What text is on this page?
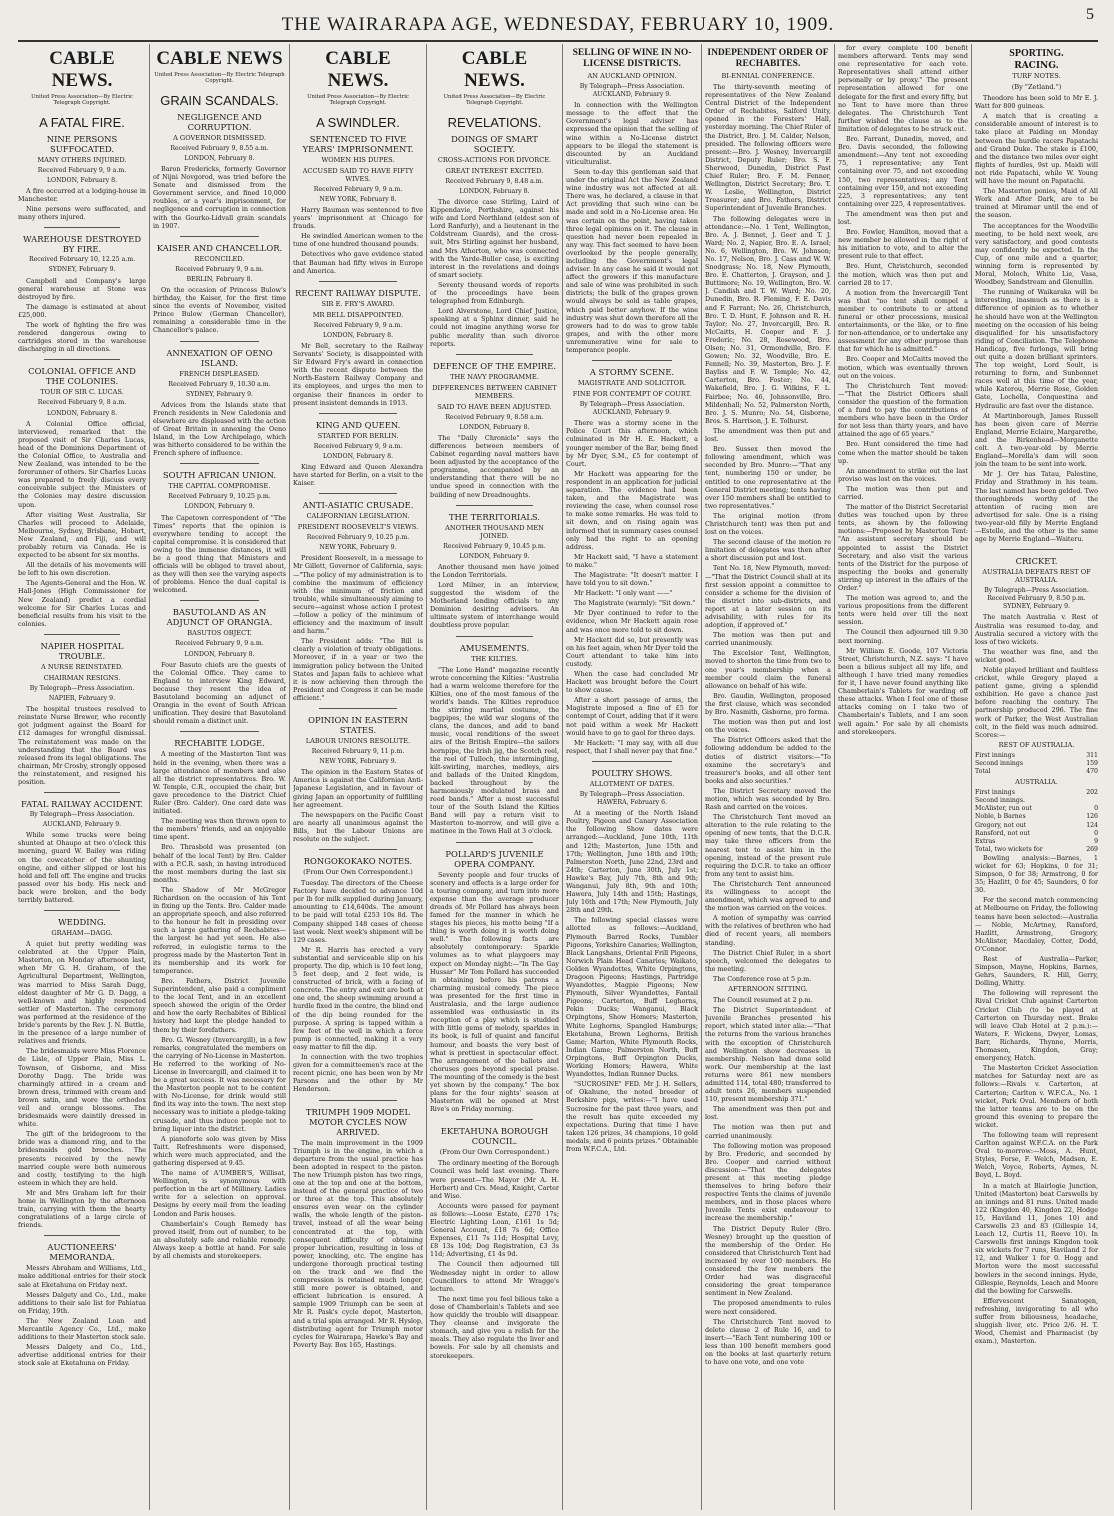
THE WAIRARAPA AGE, WEDNESDAY, FEBRUARY 10, 1909.	5
CABLE NEWS.
United Press Association—By Electric Telegraph Copyright.
A FATAL FIRE.
NINE PERSONS SUFFOCATED.
MANY OTHERS INJURED.
Received February 9, 9 a.m.
LONDON, February 8.

A fire occurred at a lodging-house in Manchester.

Nine persons were suffocated, and many others injured.

WAREHOUSE DESTROYED BY FIRE.
Received February 10, 12.25 a.m.
SYDNEY, February 9.

Campbell and Company's large general warehouse at Stone was destroyed by fire.

The damage is estimated at about £25,000.

The work of fighting the fire was rendered dangerous owing to cartridges stored in the warehouse discharging in all directions.

COLONIAL OFFICE AND THE COLONIES.
TOUR OF SIR C. LUCAS.
Received February 9, 8 a.m.
LONDON, February 8.

A Colonial Office official, interviewed, remarked that the proposed visit of Sir Charles Lucas, head of the Dominions Department of the Colonial Office, to Australia and New Zealand, was intended to be the forerunner of others. Sir Charles Lucas was prepared to freely discuss every conceivable subject the Ministers of the Colonies may desire discussion upon.

After visiting West Australia, Sir Charles will proceed to Adelaide, Melbourne, Sydney, Brisbane, Hobart, New Zealand, and Fiji, and will probably return via Canada. He is expected to be absent for six months.

All the details of his movements will be left to his own discretion.

The Agents-General and the Hon. W. Hall-Jones (High Commissioner for New Zealand) predict a cordial welcome for Sir Charles Lucas and beneficial results from his visit to the colonies.

NAPIER HOSPITAL TROUBLE.
A NURSE REINSTATED.
CHAIRMAN RESIGNS.
By Telegraph—Press Association.
NAPIER, February 9.

The hospital trustees resolved to reinstate Nurse Brewer, who recently got judgment against the Board for £12 damages for wrongful dismissal. The reinstatement was made on the understanding that the Board was released from its legal obligations. The chairman, Mr Crosby, strongly opposed the reinstatement, and resigned his position.

FATAL RAILWAY ACCIDENT.
By Telegraph—Press Association.
AUCKLAND, February 9.

While some trucks were being shunted at Ohaupo at two o'clock this morning, guard W. Bailey was riding on the cowcatcher of the shunting engine, and either slipped or lost his hold and fell off. The engine and trucks passed over his body. His neck and back were broken, and the body terribly battered.

WEDDING.
GRAHAM—DAGG.

A quiet but pretty wedding was celebrated at the Upper Plain, Masterton, on Monday afternoon last, when Mr G. H. Graham, of the Agricultural Department, Wellington, was married to Miss Sarah Dagg, eldest daughter of Mr G. D. Dagg, a well-known and highly respected settler of Masterton. The ceremony was performed at the residence of the bride's parents by the Rev. J. N. Buttle, in the presence of a large number of relatives and friends.

The bridesmaids were Miss Florence de Lisle, of Upper Plain, Miss L. Townson, of Gisborne, and Miss Dorothy Dagg. The bride was charmingly attired in a cream and brown dress, trimmed with cream and brown satin, and wore the orthodox veil and orange blossoms. The bridesmaids were daintily dressed in white.

The gift of the bridegroom to the bride was a diamond ring, and to the bridesmaids gold brooches. The presents received by the newly married couple were both numerous and costly, testifying to the high esteem in which they are held.

Mr and Mrs Graham left for their home in Wellington by the afternoon train, carrying with them the hearty congratulations of a large circle of friends.

AUCTIONEERS' MEMORANDA.

Messrs Abraham and Williams, Ltd., make additional entries for their stock sale at Eketahuna on Friday next.

Messrs Dalgety and Co., Ltd., make additions to their sale list for Pahiatua on Friday, 19th.

The New Zealand Loan and Mercantile Agency Co., Ltd., make additions to their Masterton stock sale.

Messrs Dalgety and Co., Ltd., advertise additional entries for their stock sale at Eketahuna on Friday.

CABLE NEWS
United Press Association—By Electric Telegraph Copyright.
GRAIN SCANDALS.
NEGLIGENCE AND CORRUPTION.
A GOVERNOR DISMISSED.
Received February 9, 8.55 a.m.
LONDON, February 8.

Baron Fredericks, formerly Governor of Nijni Novgorod, was tried before the Senate and dismissed from the Government service, and fined 10,000 roubles, or a year's imprisonment, for negligence and corruption in connection with the Gourko-Lidvall grain scandals in 1907.

KAISER AND CHANCELLOR.
RECONCILED.
Received February 9, 9 a.m.
BERLIN, February 8.

On the occasion of Princess Bulow's birthday, the Kaiser, for the first time since the events of November, visited Prince Bulow (German Chancellor), remaining a considerable time in the Chancellor's palace.

ANNEXATION OF OENO ISLAND.
FRENCH DISPLEASED.
Received February 9, 10.30 a.m.
SYDNEY, February 9.

Advices from the Islands state that French residents in New Caledonia and elsewhere are displeased with the action of Great Britain in annexing the Oeno Island, in the Low Archipelago, which was hitherto considered to be within the French sphere of influence.

SOUTH AFRICAN UNION.
THE CAPITAL COMPROMISE.
Received February 9, 10.25 p.m.
LONDON, February 9.

The Capetown correspondent of "The Times" reports that the opinion is everywhere tending to accept the capital compromise. It is considered that owing to the immense distances, it will be a good thing that Ministers and officials will be obliged to travel about, as they will then see the varying aspects of problems. Hence the dual capital is welcomed.

BASUTOLAND AS AN ADJUNCT OF ORANGIA.
BASUTOS OBJECT.
Received February 9, 9 a.m.
LONDON, February 8.

Four Basuto chiefs are the guests of the Colonial Office. They came to England to interview King Edward, because they resent the idea of Basutoland becoming an adjunct of Orangia in the event of South African unification. They desire that Basutoland should remain a distinct unit.

RECHABITE LODGE.

A meeting of the Masterton Tent was held in the evening, when there was a large attendance of members and also all the district representatives. Bro. W. W. Temple, C.R., occupied the chair, but gave precedence to the District Chief Ruler (Bro. Calder). One card date was initiated.

The meeting was then thrown open to the members' friends, and an enjoyable time spent.

Bro. Thrasbold was presented (on behalf of the local Tent) by Bro. Calder with a P.C.R. sash, in having introduced the most members during the last six months.

The Shadow of Mr McGregor Richardson on the occasion of his Tent in fixing up the Tents. Bro. Calder made an appropriate speech, and also referred to the honour he felt in presiding over such a large gathering of Rechabites—the largest he had yet seen. He also referred, in eulogistic terms to the progress made by the Masterton Tent in its membership and its work for temperance.

Bro. Fathers, District Juvenile Superintendent, also paid a compliment to the local Tent, and in an excellent speech showed the origin of the Order and how the early Rechabites of Biblical history had kept the pledge handed to them by their forefathers.

Bro. G. Wesney (Invercargill), in a few remarks, congratulated the members on the carrying of No-License in Masterton. He referred to the working of No-License in Invercargill, and claimed it to be a great success. It was necessary for the Masterton people not to be content with No-License, for drink would still find its way into the town. The next step necessary was to initiate a pledge-taking crusade, and thus induce people not to bring liquor into the district.

A pianoforte solo was given by Miss Taitt. Refreshments were dispensed, which were much appreciated, and the gathering dispersed at 9.45.

The name of A'UMBER'S, Willisat, Wellington, is synonymous with perfection in the art of Millinery. Ladies write for a selection on approval. Designs by every mail from the leading London and Paris houses.

Chamberlain's Cough Remedy has proved itself, from out of number, to be an absolutely safe and reliable remedy. Always keep a bottle at hand. For sale by all chemists and storekeepers.

CABLE NEWS.
United Press Association—By Electric Telegraph Copyright.
A SWINDLER.
SENTENCED TO FIVE YEARS' IMPRISONMENT.
WOMEN HIS DUPES.
ACCUSED SAID TO HAVE FIFTY WIVES.
Received February 9, 9 a.m.
NEW YORK, February 8.

Harry Bauman was sentenced to five years' imprisonment at Chicago for frauds.

He swindled American women to the tune of one hundred thousand pounds.

Detectives who gave evidence stated that Bauman had fifty wives in Europe and America.

RECENT RAILWAY DISPUTE.
SIR E. FRY'S AWARD.
MR BELL DISAPPOINTED.
Received February 9, 9 a.m.
LONDON, February 8.

Mr Bell, secretary to the Railway Servants' Society, is disappointed with Sir Edward Fry's award in connection with the recent dispute between the North-Eastern Railway Company and its employees, and urges the men to organise their finances in order to present insistent demands in 1913.

KING AND QUEEN.
STARTED FOR BERLIN.
Received February 9, 9 a.m.
LONDON, February 8.

King Edward and Queen Alexandra have started for Berlin, on a visit to the Kaiser.

ANTI-ASIATIC CRUSADE.
CALIFORNIAN LEGISLATION.
PRESIDENT ROOSEVELT'S VIEWS.
Received February 9, 10.25 p.m.
NEW YORK, February 9.

President Roosevelt, in a message to Mr Gillett, Governor of California, says:—"The policy of my administration is to combine the maximum of efficiency with the minimum of friction and trouble, while simultaneously aiming to secure—against whose action I protest—follow a policy of the minimum of efficiency and the maximum of insult and harm."

The President adds: "The Bill is clearly a violation of treaty obligations. Moreover, if in a year or two the immigration policy between the United States and Japan fails to achieve what it is now achieving then through the President and Congress it can be made efficient."

OPINION IN EASTERN STATES.
LABOUR UNIONS RESOLUTE.
Received February 9, 11 p.m.
NEW YORK, February 9.

The opinion in the Eastern States of America is against the Californian Anti-Japanese Legislation, and in favour of giving Japan an opportunity of fulfilling her agreement.

The newspapers on the Pacific Coast are nearly all unanimous against the Bills, but the Labour Unions are resolute on the subject.

RONGOKOKAKO NOTES.
(From Our Own Correspondent.)

Tuesday. The directors of the Cheese Factory have decided to advance 10d per lb for milk supplied during January, amounting to £14,640ds. The amount to be paid will total £253 10s 8d. The Company shipped 148 cases of cheese last week. Next week's shipment will be 129 cases.

Mr R. Harris has erected a very substantial and serviceable slip on his property. The dip, which is 10 feet long, 5 feet deep, and 2 feet wide, is constructed of brick, with a facing of concrete. The entry and exit are both at one end, the sheep swimming around a hurdle fixed in the centre, the blind end of the dip being rounded for the purpose. A spring is tapped within a few feet of the well in which a force pump is connected, making it a very easy matter to fill the dip.

In connection with the two trophies given for a committeemen's race at the recent picnic, one has been won by Mr Parsons and the other by Mr Henderson.

TRIUMPH 1909 MODEL MOTOR CYCLES NOW ARRIVED.

The main improvement in the 1909 Triumph is in the engine, in which a departure from the usual practice has been adopted in respect to the piston. The new Triumph piston has two rings, one at the top and one at the bottom, instead of the general practice of two or three at the top. This absolutely ensures even wear on the cylinder walls, the whole length of the piston-travel, instead of all the wear being concentrated at the top, with consequent difficulty of obtaining proper lubrication, resulting in loss of power, knocking, etc. The engine has undergone thorough practical testing on the track and we find the compression is retained much longer, still more power is obtained, and efficient lubrication is ensured. A sample 1909 Triumph can be seen at Mr R. Pask's cycle depot, Masterton, and a trial spin arranged. Mr R. Hyslop, distributing agent for Triumph motor cycles for Wairarapa, Hawke's Bay and Poverty Bay. Box 165, Hastings.

CABLE NEWS.
United Press Association—By Electric Telegraph Copyright.
REVELATIONS.
DOINGS OF SMART SOCIETY.
CROSS-ACTIONS FOR DIVORCE.
GREAT INTEREST EXCITED.
Received February 9, 8.48 a.m.
LONDON, February 8.

The divorce case Stirling, Laird of Kippendavie, Perthshire, against his wife and Lord Northland (eldest son of Lord Ranfurly), and a lieutenant in the Coldstream Guards), and the cross-suit, Mrs Stirling against her husband, and Mrs Atherton, who was connected with the Yarde-Buller case, is exciting interest in the revelations and doings of smart society.

Seventy thousand words of reports of the proceedings have been telegraphed from Edinburgh.

Lord Alverstone, Lord Chief Justice, speaking at a Sphinx dinner, said he could not imagine anything worse for public morality than such divorce reports.

DEFENCE OF THE EMPIRE.
THE NAVY PROGRAMME.
DIFFERENCES BETWEEN CABINET MEMBERS.
SAID TO HAVE BEEN ADJUSTED.
Received February 9, 8.58 a.m.
LONDON, February 8.

The "Daily Chronicle" says the differences between members of Cabinet regarding naval matters have been adjusted by the acceptance of the programme, accompanied by an understanding that there will be no undue speed in connection with the building of new Dreadnoughts.

THE TERRITORIALS.
ANOTHER THOUSAND MEN JOINED.
Received February 9, 10.45 p.m.
LONDON, February 9.

Another thousand men have joined the London Territorials.

Lord Milner, in an interview, suggested the wisdom of the Motherland lending officials to any Dominion desiring advisers. An ultimate system of interchange would doubtless prove popular.

AMUSEMENTS.
THE KILTIES.

"The Lone Hand" magazine recently wrote concerning the Kilties: "Australia had a warm welcome therefore for the Kilties, one of the most famous of the world's bands. The Kilties reproduce the stirring martial costume, the bagpipes, the wild war slogans of the clans, the dances, and add to band music, vocal renditions of the sweet airs of the British Empire—the sailors hornpipe, the Irish jig, the Scotch reel, the reel of Tulloch, the intermingling, kilt-swirling, marches, medleys, airs and ballads of the United Kingdom, backed throughout by the harmoniously modulated brass and reed bands." After a most successful tour of the South Island the Kilties Band will pay a return visit to Masterton to-morrow, and will give a matinee in the Town Hall at 3 o'clock.

POLLARD'S JUVENILE OPERA COMPANY.

Seventy people and four trucks of scenery and effects is a large order for a touring company, and turn into more expense than the average producer dreads of. Mr Pollard has always been famed for the manner in which he stages his pieces, his motto being "If a thing is worth doing it is worth doing well." The following facts are absolutely contemporary: Sparkle volumes as to what playgoers may expect on Monday night:—"In The Gay Hussar" Mr Tom Pollard has succeeded in obtaining before his patrons a charming musical comedy. The piece was presented for the first time in Australasia, and the large audience assembled was enthusiastic in its reception of a play which is studded with little gems of melody, sparkles in its book, is full of quaint and fanciful humour, and boasts the very best of what is prettiest in spectacular effect. The arrangement of the ballets and choruses goes beyond special praise. The mounting of the comedy is the best yet shown by the company." The box plans for the four nights' season at Masterton will be opened at Mrst Rive's on Friday morning.

EKETAHUNA BOROUGH COUNCIL.
(From Our Own Correspondent.)

The ordinary meeting of the Borough Council was held last evening. There were present—The Mayor (Mr A. H. Herbert) and Crs. Mead, Knight, Carter and Wise.

Accounts were passed for payment as follows:—Loose Estate, £270 17s; Electric Lighting Loan, £161 1s 5d; General Account, £18 7s 6d; Office Expenses, £11 7s 11d; Hospital Levy, £8 13s 10d; Dog Registration, £3 3s 11d; Advertising, £1 4s 9d.

The Council then adjourned till Wednesday night in order to allow Councillors to attend Mr Wragge's lecture.

The next time you feel bilious take a dose of Chamberlain's Tablets and see how quickly the trouble will disappear. They cleanse and invigorate the stomach, and give you a relish for the meals. They also regulate the liver and bowels. For sale by all chemists and storekeepers.

SELLING OF WINE IN NO-LICENSE DISTRICTS.
AN AUCKLAND OPINION.
By Telegraph—Press Association. AUCKLAND, February 9.

In connection with the Wellington message to the effect that the Government's legal adviser has expressed the opinion that the selling of wine within a No-License district appears to be illegal the statement is discounted by an Auckland viticulturalist.

Seen to-day this gentleman said that under the original Act the New Zealand wine industry was not affected at all. There was, he declared, a clause in that Act providing that such wine can be made and sold in a No-License area. He was certain on the point, having taken three legal opinions on it. The clause in question had never been repealed in any way. This fact seemed to have been overlooked by the people generally, including the Government's legal adviser. In any case he said it would not affect the growers if this manufacture and sale of wine was prohibited in such districts; the bulk of the grapes grown would always be sold as table grapes, which paid better anyhow. If the wine industry was shut down therefore all the growers had to do was to grow table grapes, and with the other more unremunerative wine for sale to temperance people.

A STORMY SCENE.
MAGISTRATE AND SOLICITOR.
FINE FOR CONTEMPT OF COURT.
By Telegraph—Press Association. AUCKLAND, February 9.

There was a stormy scene in the Police Court this afternoon, which culminated in Mr H. E. Hackett, a younger member of the Bar, being fined by Mr Dyer, S.M., £5 for contempt of Court.

Mr Hackett was appearing for the respondent in an application for judicial separation. The evidence had been taken, and the Magistrate was reviewing the case, when counsel rose to make some remarks. He was told to sit down, and on rising again was informed that in summary cases counsel only had the right to an opening address.

Mr Hackett said, "I have a statement to make."

The Magistrate: "It doesn't matter. I have told you to sit down."

Mr Hackett: "I only want ——"

The Magistrate (warmly): "Sit down."

Mr Dyer continued to refer to the evidence, when Mr Hackett again rose and was once more told to sit down.

Mr Hackett did so, but presently was on his feet again, when Mr Dyer told the Court attendant to take him into custody.

When the case had concluded Mr Hackett was brought before the Court to show cause.

After a short passage of arms, the Magistrate imposed a fine of £5 for contempt of Court, adding that if it were not paid within a week Mr Hackett would have to go to gaol for three days.

Mr Hackett: "I may say, with all due respect, that I shall never pay that fine."

POULTRY SHOWS.
ALLOTMENT OF DATES.
By Telegraph—Press Association. HAWERA, February 6.

At a meeting of the North Island Poultry, Pigeon and Canary Association the following Show dates were arranged:—Auckland, June 10th, 11th and 12th; Masterton, June 15th and 17th; Wellington, June 18th and 19th; Palmerston North, June 22nd, 23rd and 24th; Carterton, June 30th, July 1st; Hawke's Bay, July 7th, 8th and 9th; Wanganui, July 8th, 9th and 10th; Hawera, July 14th and 15th; Hastings, July 16th and 17th; New Plymouth, July 28th and 29th.

The following special classes were allotted as follows:—Auckland, Plymouth Barred Rocks, Tumbler Pigeons, Yorkshire Canaries; Wellington, Black Langshans, Oriental Frill Pigeons, Norwich Plain Head Canaries; Waikato, Golden Wyandottes, White Orpingtons, Dragoon Pigeons; Hastings, Partridge Wyandottes, Magpie Pigeons; New Plymouth, Silver Wyandottes, Fantail Pigeons; Carterton, Buff Leghorns, Pekin Ducks; Wanganui, Black Orpingtons, Show Homers; Masterton, White Leghorns, Spangled Hamburgs; Eketahuna, Brown Leghorns, British Game; Marton, White Plymouth Rocks, Indian Game; Palmerston North, Buff Orpingtons, Buff Orpington Ducks, Working Homers; Hawera, White Wyandottes, Indian Runner Ducks.

"SUCROSINE" FED. Mr J. H. Sellers, of Okahune, the noted breeder of Berkshire pigs, writes:—"I have used Sucrosine for the past three years, and the result has quite exceeded my expectations. During that time I have taken 126 prizes, 34 champions, 10 gold medals, and 6 points prizes." Obtainable from W.F.C.A., Ltd.

INDEPENDENT ORDER OF RECHABITES.
BI-ENNIAL CONFERENCE.

The thirty-seventh meeting of representatives of the New Zealand Central District of the Independent Order of Rechabites, Salford Unity, opened in the Foresters' Hall, yesterday morning. The Chief Ruler of the District, Bro. J. M. Calder, Nelson, presided. The following officers were present:—Bro. J. Wesney, Invercargill District, Deputy Ruler; Bro. S. F. Sherwood, Dunedin, District Past Chief Ruler; Bro. F. M. Fenner, Wellington, District Secretary; Bro. T. W. Leslie, Wellington, District Treasurer; and Bro. Fathers, District Superintendent of Juvenile Branches.

The following delegates were in attendance:—No. 1 Tent, Wellington, Bro. A. J. Bennet, J. Geer and T. J. Ward; No. 2, Napier, Bro. E. A. Israel; No. 6, Wellington, Bro. W. Johnson; No. 17, Nelson, Bro. J. Cass and W. W. Snodgrass; No. 18, New Plymouth, Bro. E. Chatterton, J. Grayson, and J. Buttimore; No. 19, Wellington, Bro. W. J. Candish and T. W. Ward; No. 20, Dunedin, Bro. R. Fleming, F. E. Davis and F. Farrant; No. 26, Christchurch, Bro. T. D. Hunt, F. Johnson and R. H. Taylor; No. 27, Invercargill, Bro. R. McCaitts, H. Cooper and F. J. Frederic; No. 28, Rosewood, Bro. Olsen; No. 31, Ormondville, Bro. F. Gowen; No. 32, Woodville, Bro. E. Fennell; No. 39, Masterton, Bro. J. F. Bayliss and F. W. Temple; No. 42, Carterton, Bro. Foster; No. 44, Wakefield, Bro. J. G. Wilkins, F. L. Fairbee; No. 46, Johnsonville, Bro. Mildenhall; No. 52, Palmerston North, Bro. J. S. Munro; No. 54, Gisborne, Bros. S. Harrison, J. E. Tolhurst.

The amendment was then put and lost.

Bro. Sussex then moved the following amendment, which was seconded by Bro. Munro:—"That any tent, numbering 150 or under, be entitled to one representative at the General District meeting; tents having over 150 members shall be entitled to two representatives."

The original motion (from Christchurch tent) was then put and lost on the voices.

The second clause of the motion re limitation of delegates was then after a short discussion put and lost.

Tent No. 18, New Plymouth, moved:—"That the District Council shall at its first session appoint a committee to consider a scheme for the division of the district into sub-districts, and report at a later session on its advisability, with rules for its adoption, if approved of."

The motion was then put and carried unanimously.

The Excelsior Tent, Wellington, moved to shorten the time from two to one year's membership when a member could claim the funeral allowance on behalf of his wife.

Bro. Gaudin, Wellington, proposed the first clause, which was seconded by Bro. Nasmith, Gisborne, pro forma.

The motion was then put and lost on the voices.

The District Officers asked that the following addendum be added to the duties of district visitors:—"To examine the secretary's and treasurer's books, and all other tent books and also securities."

The District Secretary moved the motion, which was seconded by Bro. Rash and carried on the voices.

The Christchurch Tent moved an alteration to the rule relating to the opening of new tents, that the D.C.R. may take three officers from the nearest tent to assist him in the opening, instead of the present rule requiring the D.C.R. to take an officer from any tent to assist him.

The Christchurch Tent announced its willingness to accept the amendment, which was agreed to and the motion was carried on the voices.

A motion of sympathy was carried with the relatives of brethren who had died of recent years, all members standing.

The District Chief Ruler, in a short speech, welcomed the delegates to the meeting.

The Conference rose at 5 p.m.

AFTERNOON SITTING.

The Council resumed at 2 p.m.

The District Superintendent of Juvenile Branches presented his report, which stated inter alia:—"That the returns from the various branches with the exception of Christchurch and Wellington show decreases in membership. Nelson had done solid work. Our membership at the last returns were 861 new members admitted 114, total 480; transferred to adult tents 26, members suspended 110, present membership 371."

The amendment was then put and lost.

The motion was then put and carried unanimously.

The following motion was proposed by Bro. Frederic, and seconded by Bro. Cooper and carried without discussion:—"That the delegates present at this meeting pledge themselves to bring before their respective Tents the claims of juvenile members, and in those places where Juvenile Tents exist endeavour to increase the membership."

The District Deputy Ruler (Bro. Wesney) brought up the question of the membership of the Order. He considered that Christchurch Tent had increased by over 100 members. He considered the few members the Order had was disgraceful considering the great temperance sentiment in New Zealand.

The proposed amendments to rules were next considered.

The Christchurch Tent moved to delete clause 2 of Rule 16, and to insert:—"Each Tent numbering 100 or less than 100 benefit members good on the books at last quarterly return to have one vote, and one vote

for every complete 100 benefit members afterward. Tents may send one representative for each vote. Representatives shall attend either personally or by proxy." The present representation allowed for one delegate for the first and every fifty, but no Tent to have more than three delegates. The Christchurch Tent further wished the clause as to the limitation of delegates to be struck out.

Bro. Farrant, Dunedin, moved, and Bro. Davis seconded, the following amendment:—Any tent not exceeding 75, 1 representative; any Tent containing over 75, and not exceeding 150, two representatives; any Tent containing over 150, and not exceeding 225, 3 representatives; any tent containing over 225, 4 representatives.

The amendment was then put and lost.

Bro. Fowler, Hamilton, moved that a new member be allowed in the right of his initiation to vote, and to alter the present rule to that effect.

Bro. Hunt, Christchurch, seconded the motion, which was then put and carried 28 to 17.

A motion from the Invercargill Tent was that "no tent shall compel a member to contribute to or attend funeral or other processions, musical entertainments, or the like, or to fine for non-attendance, or to undertake any assessment for any other purpose than that for which he is admitted."

Bro. Cooper and McCaitts moved the motion, which was eventually thrown out on the voices.

The Christchurch Tent moved:—"That the District Officers shall consider the question of the formation of a fund to pay the contributions of members who have been in the Order for not less than thirty years, and have attained the age of 65 years."

Bro. Hunt considered the time had come when the matter should be taken up.

An amendment to strike out the last proviso was lost on the voices.

The motion was then put and carried.

The matter of the District Secretarial duties was touched upon by three tents, as shown by the following motions:—Proposed by Masterton Tent: "An assistant secretary should be appointed to assist the District Secretary, and also visit the various tents of the District for the purpose of inspecting the books and generally stirring up interest in the affairs of the Order."

The motion was agreed to, and the various propositions from the different tents were held over till the next session.

The Council then adjourned till 9.30 next morning.

Mr William E. Goode, 107 Victoria Street, Christchurch, N.Z. says: "I have been a bilious subject all my life, and although I have tried many remedies for it, I have never found anything like Chamberlain's Tablets for warding off these attacks. When I feel one of these attacks coming on I take two of Chamberlain's Tablets, and I am soon well again." For sale by all chemists and storekeepers.

SPORTING.
RACING.
TURF NOTES.
(By "Zetland.")

Theodore has been sold to Mr E. J. Watt for 800 guineas.

A match that is creating a considerable amount of interest is to take place at Paiding on Monday between the hurdle racers Papatachi and Grand Duke. The stake is £100, and the distance two miles over eight flights of hurdles, 9st up. Maidi will not ride Papatachi, while W. Young will have the mount on Papatachi.

The Masterton ponies, Maid of All Work and After Dark, are to be trained at Miramar until the end of the season.

The acceptances for the Woodville meeting, to be held next week, are very satisfactory, and good contests may confidently be expected. In the Cup, of one mile and a quarter, winning form is represented by Moral, Moloch, White Lie, Vasa, Woodbey, Sandstream and Glenullin.

The running of Waikaraka will be interesting, inasmuch as there is a difference of opinion as to whether he should have won at the Wellington meeting on the occasion of his being disqualified for his unsatisfactory riding of Conciliation. The Telephone Handicap, five furlongs, will bring out quite a dozen brilliant sprinters. The top weight, Lord Soult, is returning to form, and Sunbonnet races well at this time of the year, while Katerou, Merrie Rose, Golden Gate, Lochella, Conquestina and Hydraulic are fast over the distance.

At Martinborough, James Russell has been given care of Merrie England, Merrie Eclaire, Margarethe, and the Birkenhead—Morganette colt. A two-year-old by Merrie England—Morella's dam will soon join the team to be sent into work.

Mr J. Orr has Tatau, Palestine, Friday and Strathmoy in his team. The last named has been gelded. Two thoroughbreds worthy of the attention of racing men are advertised for sale. One is a rising two-year-old filly by Merrie England—Estelle, and the other is the same age by Merrie England—Waiteru.

CRICKET.
AUSTRALIA DEFEATS REST OF AUSTRALIA.
By Telegraph—Press Association. Received February 9, 8.50 p.m. SYDNEY, February 9.

The match Australia v. Rest of Australia was resumed to-day, and Australia secured a victory with the loss of two wickets.

The weather was fine, and the wicket good.

Noble played brilliant and faultless cricket, while Gregory played a patient game, giving a splendid exhibition. He gave a chance just before reaching the century. The partnership produced 296. The fine work of Parker, the West Australian colt, in the field was much admired. Scores:—

REST OF AUSTRALIA.
First innings	311
Second innings	159

Total	470
AUSTRALIA.
First innings	202
Second innings.	
McAlister, run out	0
Noble, b Barnes	126
Gregory, not out	124
Ransford, not out	0
Extras	9

Total, two wickets for	269

Bowling analysis:—Barnes, 1 wicket for 63; Hopkins, 0 for 31; Simpson, 0 for 38; Armstrong, 0 for 35; Hazlitt, 0 for 45; Saunders, 0 for 30.

For the second match commencing at Melbourne on Friday, the following teams have been selected:—Australia — Noble, McArtney, Ransford, Hazlitt, Armstrong, Gregory, McAlister, Macdaley, Cotter, Dodd, O'Connor.

Rest of Australia—Parker, Simpson, Mayne, Hopkins, Barnes, Gehrs, Saunders, R. Hill, Gerry, Dolling, Whitty.

The following will represent the Rival Cricket Club against Carterton Cricket Club (to be played at Carterton on Thursday next. Brake will leave Club Hotel at 2 p.m.):—Waters, F. Wickens, Dwyer, Lomas, Barr, Richards, Thynne, Morris, Thomasen, Kingdon, Gray; emergency, Hatch.

The Masterton Cricket Association matches for Saturday next are as follows:—Rivals v. Carterton, at Carterton; Carlton v. W.F.C.A., No. 1 wicket, Park Oval. Members of both the latter teams are to be on the ground this evening to prepare the wicket.

The following team will represent Carlton against W.F.C.A. on the Park Oval to-morrow:—Moss, A. Hunt, Styles, Forse, F. Welch, Madsen, E. Welch, Voyce, Roberts, Aymes, N. Boyd, L. Boyd.

In a match at Blairlogie Junction, United (Masterton) beat Carswells by an innings and 81 runs. United made 122 (Kingdon 40, Kingdon 22, Hodge 15, Haviland 11, Jones 10) and Carswells 23 and 83 (Gillespie 14, Leach 12, Curtis 11, Reeve 10). In Carswells first innings Kingdon took six wickets for 7 runs, Haviland 2 for 12, and Walker 1 for 0. Hogg and Morton were the most successful bowlers in the second innings. Hyde, Gillespie, Reynolds, Leach and Moore did the bowling for Carswells.

Effervescent Sanatogen, refreshing, invigorating to all who suffer from biliousness, headache, sluggish liver, etc. Price 2/6. H. T. Wood, Chemist and Pharmacist (by exam.), Masterton.
